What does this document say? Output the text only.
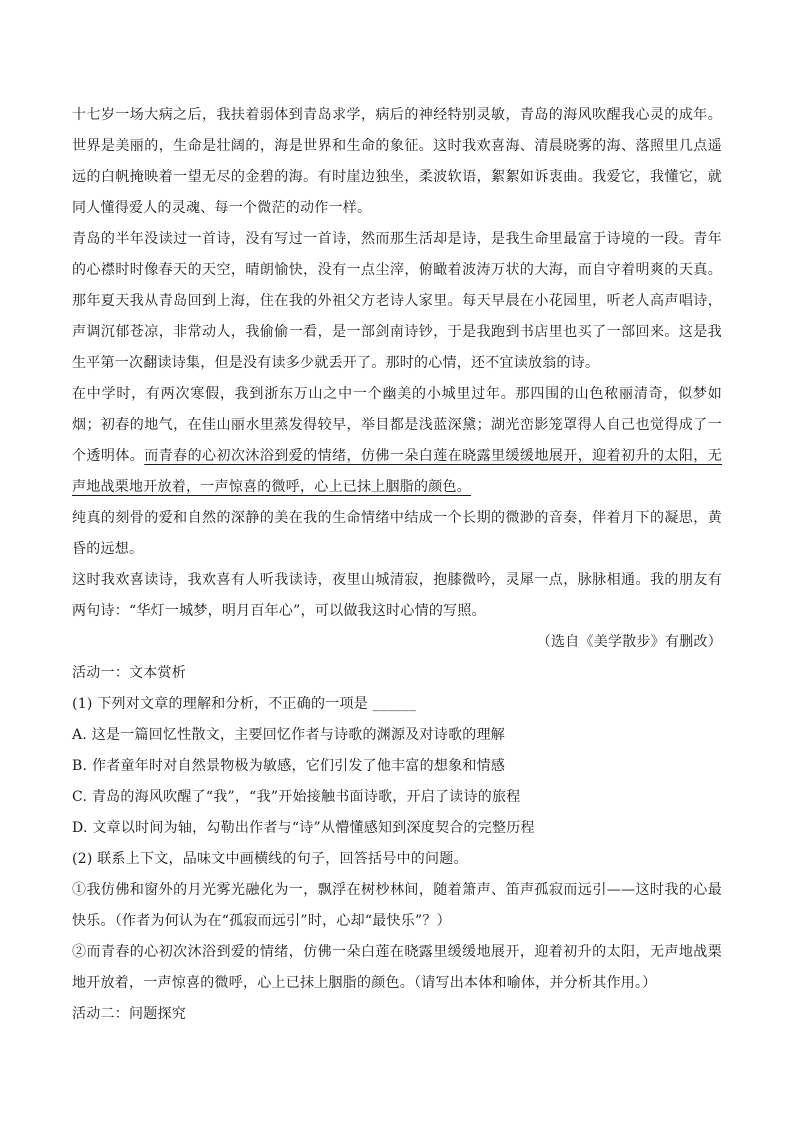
十七岁一场大病之后，我扶着弱体到青岛求学，病后的神经特别灵敏，青岛的海风吹醒我心灵的成年。世界是美丽的，生命是壮阔的，海是世界和生命的象征。这时我欢喜海、清晨晓雾的海、落照里几点遥远的白帆掩映着一望无尽的金碧的海。有时崖边独坐，柔波软语，絮絮如诉衷曲。我爱它，我懂它，就同人懂得爱人的灵魂、每一个微茫的动作一样。

青岛的半年没读过一首诗，没有写过一首诗，然而那生活却是诗，是我生命里最富于诗境的一段。青年的心襟时时像春天的天空，晴朗愉快，没有一点尘滓，俯瞰着波涛万状的大海，而自守着明爽的天真。那年夏天我从青岛回到上海，住在我的外祖父方老诗人家里。每天早晨在小花园里，听老人高声唱诗，声调沉郁苍凉，非常动人，我偷偷一看，是一部剑南诗钞，于是我跑到书店里也买了一部回来。这是我生平第一次翻读诗集，但是没有读多少就丢开了。那时的心情，还不宜读放翁的诗。

在中学时，有两次寒假，我到浙东万山之中一个幽美的小城里过年。那四围的山色秾丽清奇，似梦如烟；初春的地气，在佳山丽水里蒸发得较早，举目都是浅蓝深黛；湖光峦影笼罩得人自己也觉得成了一个透明体。而青春的心初次沐浴到爱的情绪，仿佛一朵白莲在晓露里缓缓地展开，迎着初升的太阳，无声地战栗地开放着，一声惊喜的微呼，心上已抹上胭脂的颜色。

纯真的刻骨的爱和自然的深静的美在我的生命情绪中结成一个长期的微渺的音奏，伴着月下的凝思，黄昏的远想。

这时我欢喜读诗，我欢喜有人听我读诗，夜里山城清寂，抱膝微吟，灵犀一点，脉脉相通。我的朋友有两句诗：“华灯一城梦，明月百年心”，可以做我这时心情的写照。

（选自《美学散步》有删改）

活动一：文本赏析

(1) 下列对文章的理解和分析，不正确的一项是 ______

A. 这是一篇回忆性散文，主要回忆作者与诗歌的渊源及对诗歌的理解

B. 作者童年时对自然景物极为敏感，它们引发了他丰富的想象和情感

C. 青岛的海风吹醒了“我”，“我”开始接触书面诗歌，开启了读诗的旅程

D. 文章以时间为轴，勾勒出作者与“诗”从懵懂感知到深度契合的完整历程

(2) 联系上下文，品味文中画横线的句子，回答括号中的问题。

①我仿佛和窗外的月光雾光融化为一，飘浮在树杪林间，随着箫声、笛声孤寂而远引——这时我的心最快乐。（作者为何认为在“孤寂而远引”时，心却“最快乐”？）

②而青春的心初次沐浴到爱的情绪，仿佛一朵白莲在晓露里缓缓地展开，迎着初升的太阳，无声地战栗地开放着，一声惊喜的微呼，心上已抹上胭脂的颜色。（请写出本体和喻体，并分析其作用。）

活动二：问题探究
